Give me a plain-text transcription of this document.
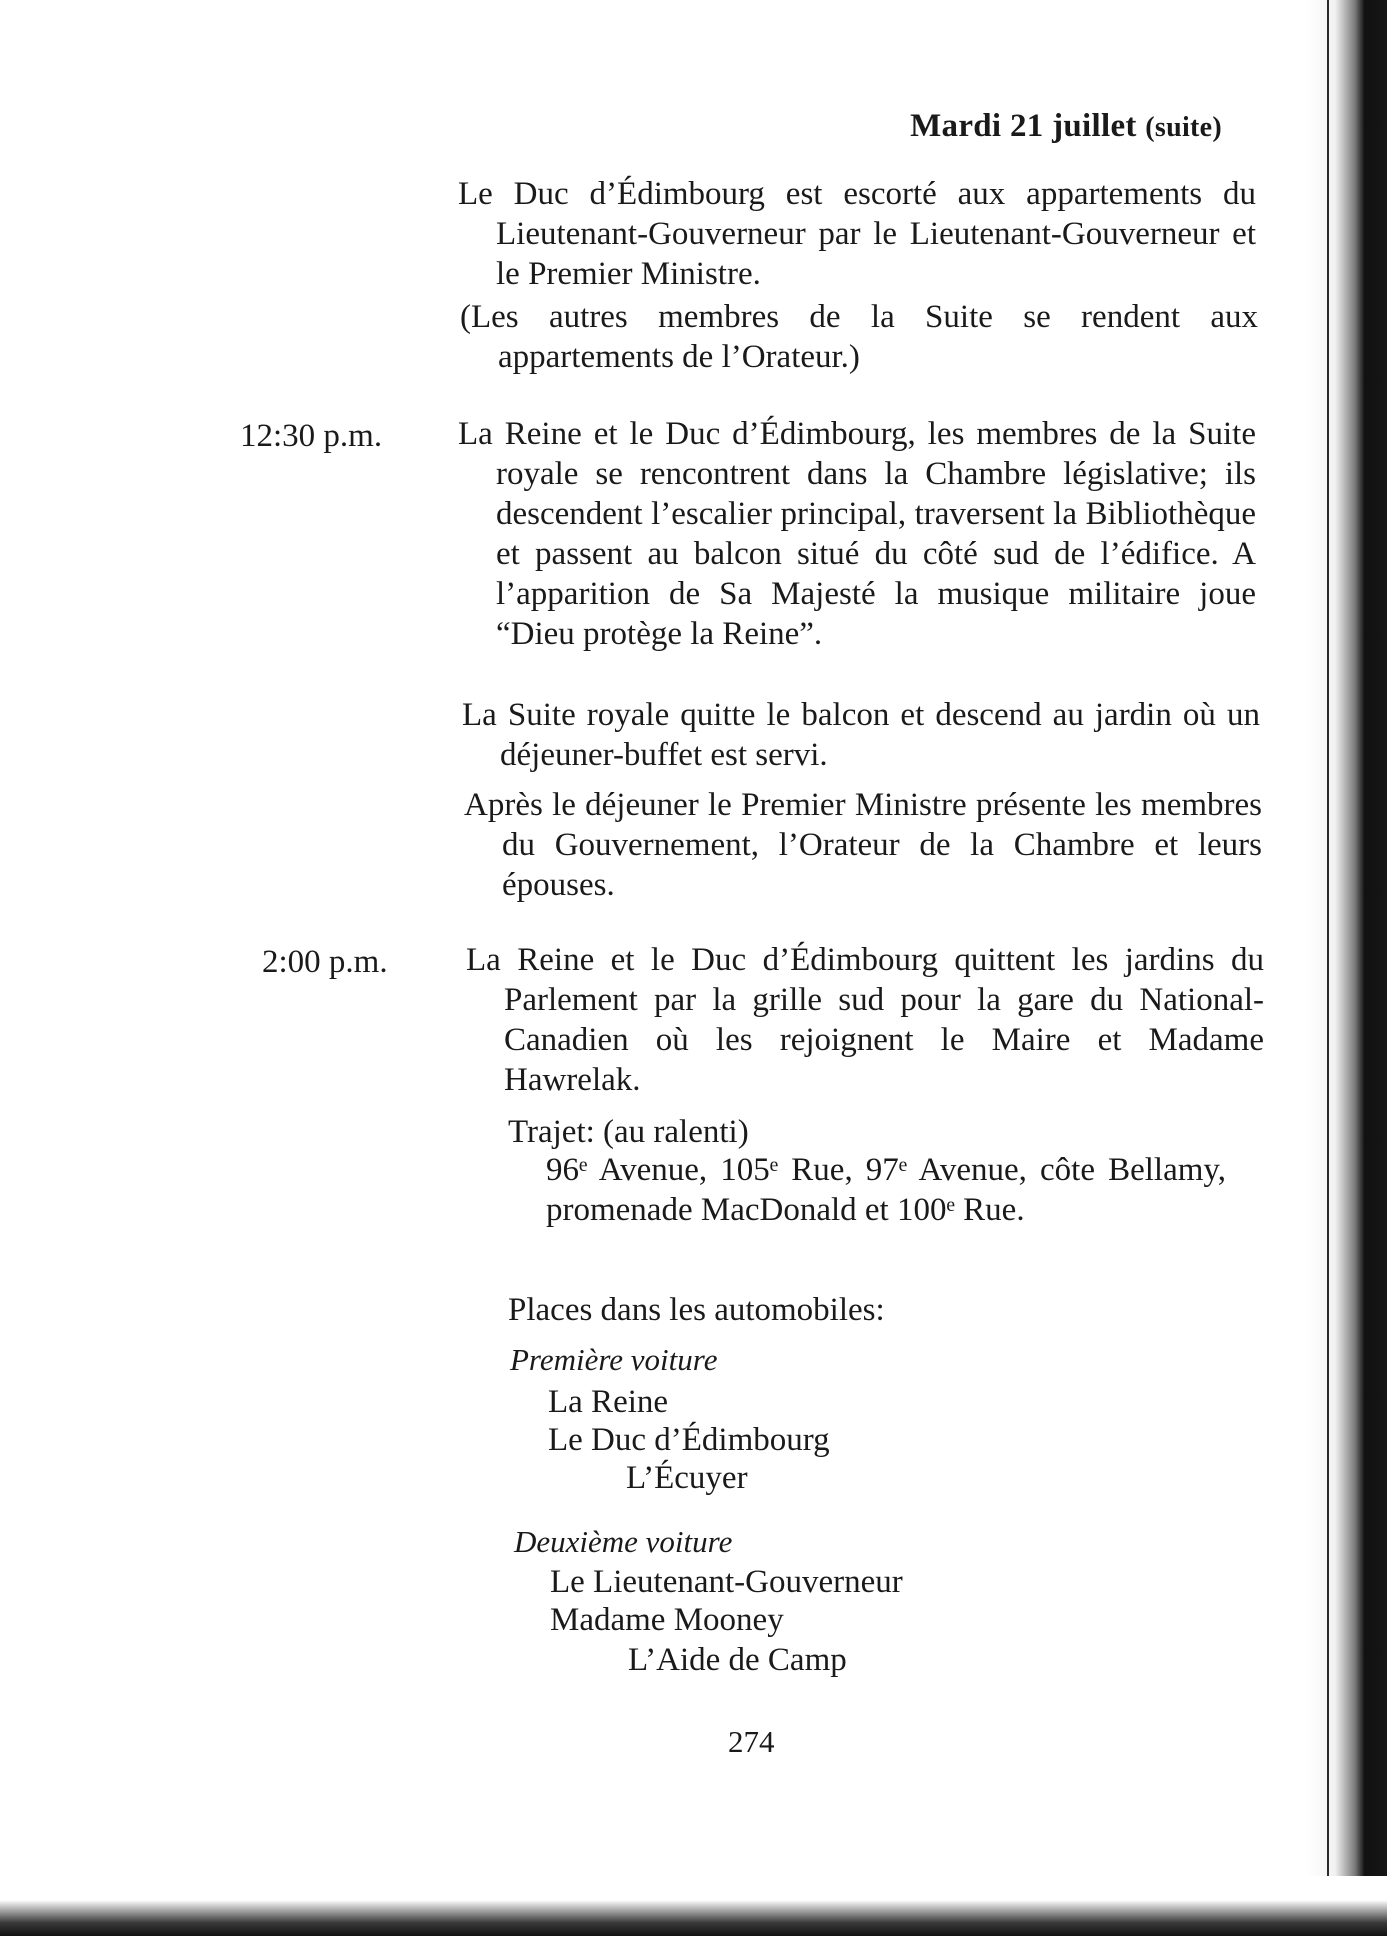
Mardi 21 juillet (suite)
Le Duc d’Édimbourg est escorté aux appartements du Lieutenant-Gouverneur par le Lieutenant-Gouverneur et le Premier Ministre.
(Les autres membres de la Suite se rendent aux appartements de l’Orateur.)
12:30 p.m. La Reine et le Duc d’Édimbourg, les membres de la Suite royale se rencontrent dans la Chambre législative; ils descendent l’escalier principal, traversent la Bibliothèque et passent au balcon situé du côté sud de l’édifice. A l’apparition de Sa Majesté la musique militaire joue “Dieu protège la Reine”.
La Suite royale quitte le balcon et descend au jardin où un déjeuner-buffet est servi.
Après le déjeuner le Premier Ministre présente les membres du Gouvernement, l’Orateur de la Chambre et leurs épouses.
2:00 p.m. La Reine et le Duc d’Édimbourg quittent les jardins du Parlement par la grille sud pour la gare du National-Canadien où les rejoignent le Maire et Madame Hawrelak.
Trajet: (au ralenti)
96ᵉ Avenue, 105ᵉ Rue, 97ᵉ Avenue, côte Bellamy, promenade MacDonald et 100ᵉ Rue.
Places dans les automobiles:
Première voiture
La Reine
Le Duc d’Édimbourg
L’Écuyer
Deuxième voiture
Le Lieutenant-Gouverneur
Madame Mooney
L’Aide de Camp
274
